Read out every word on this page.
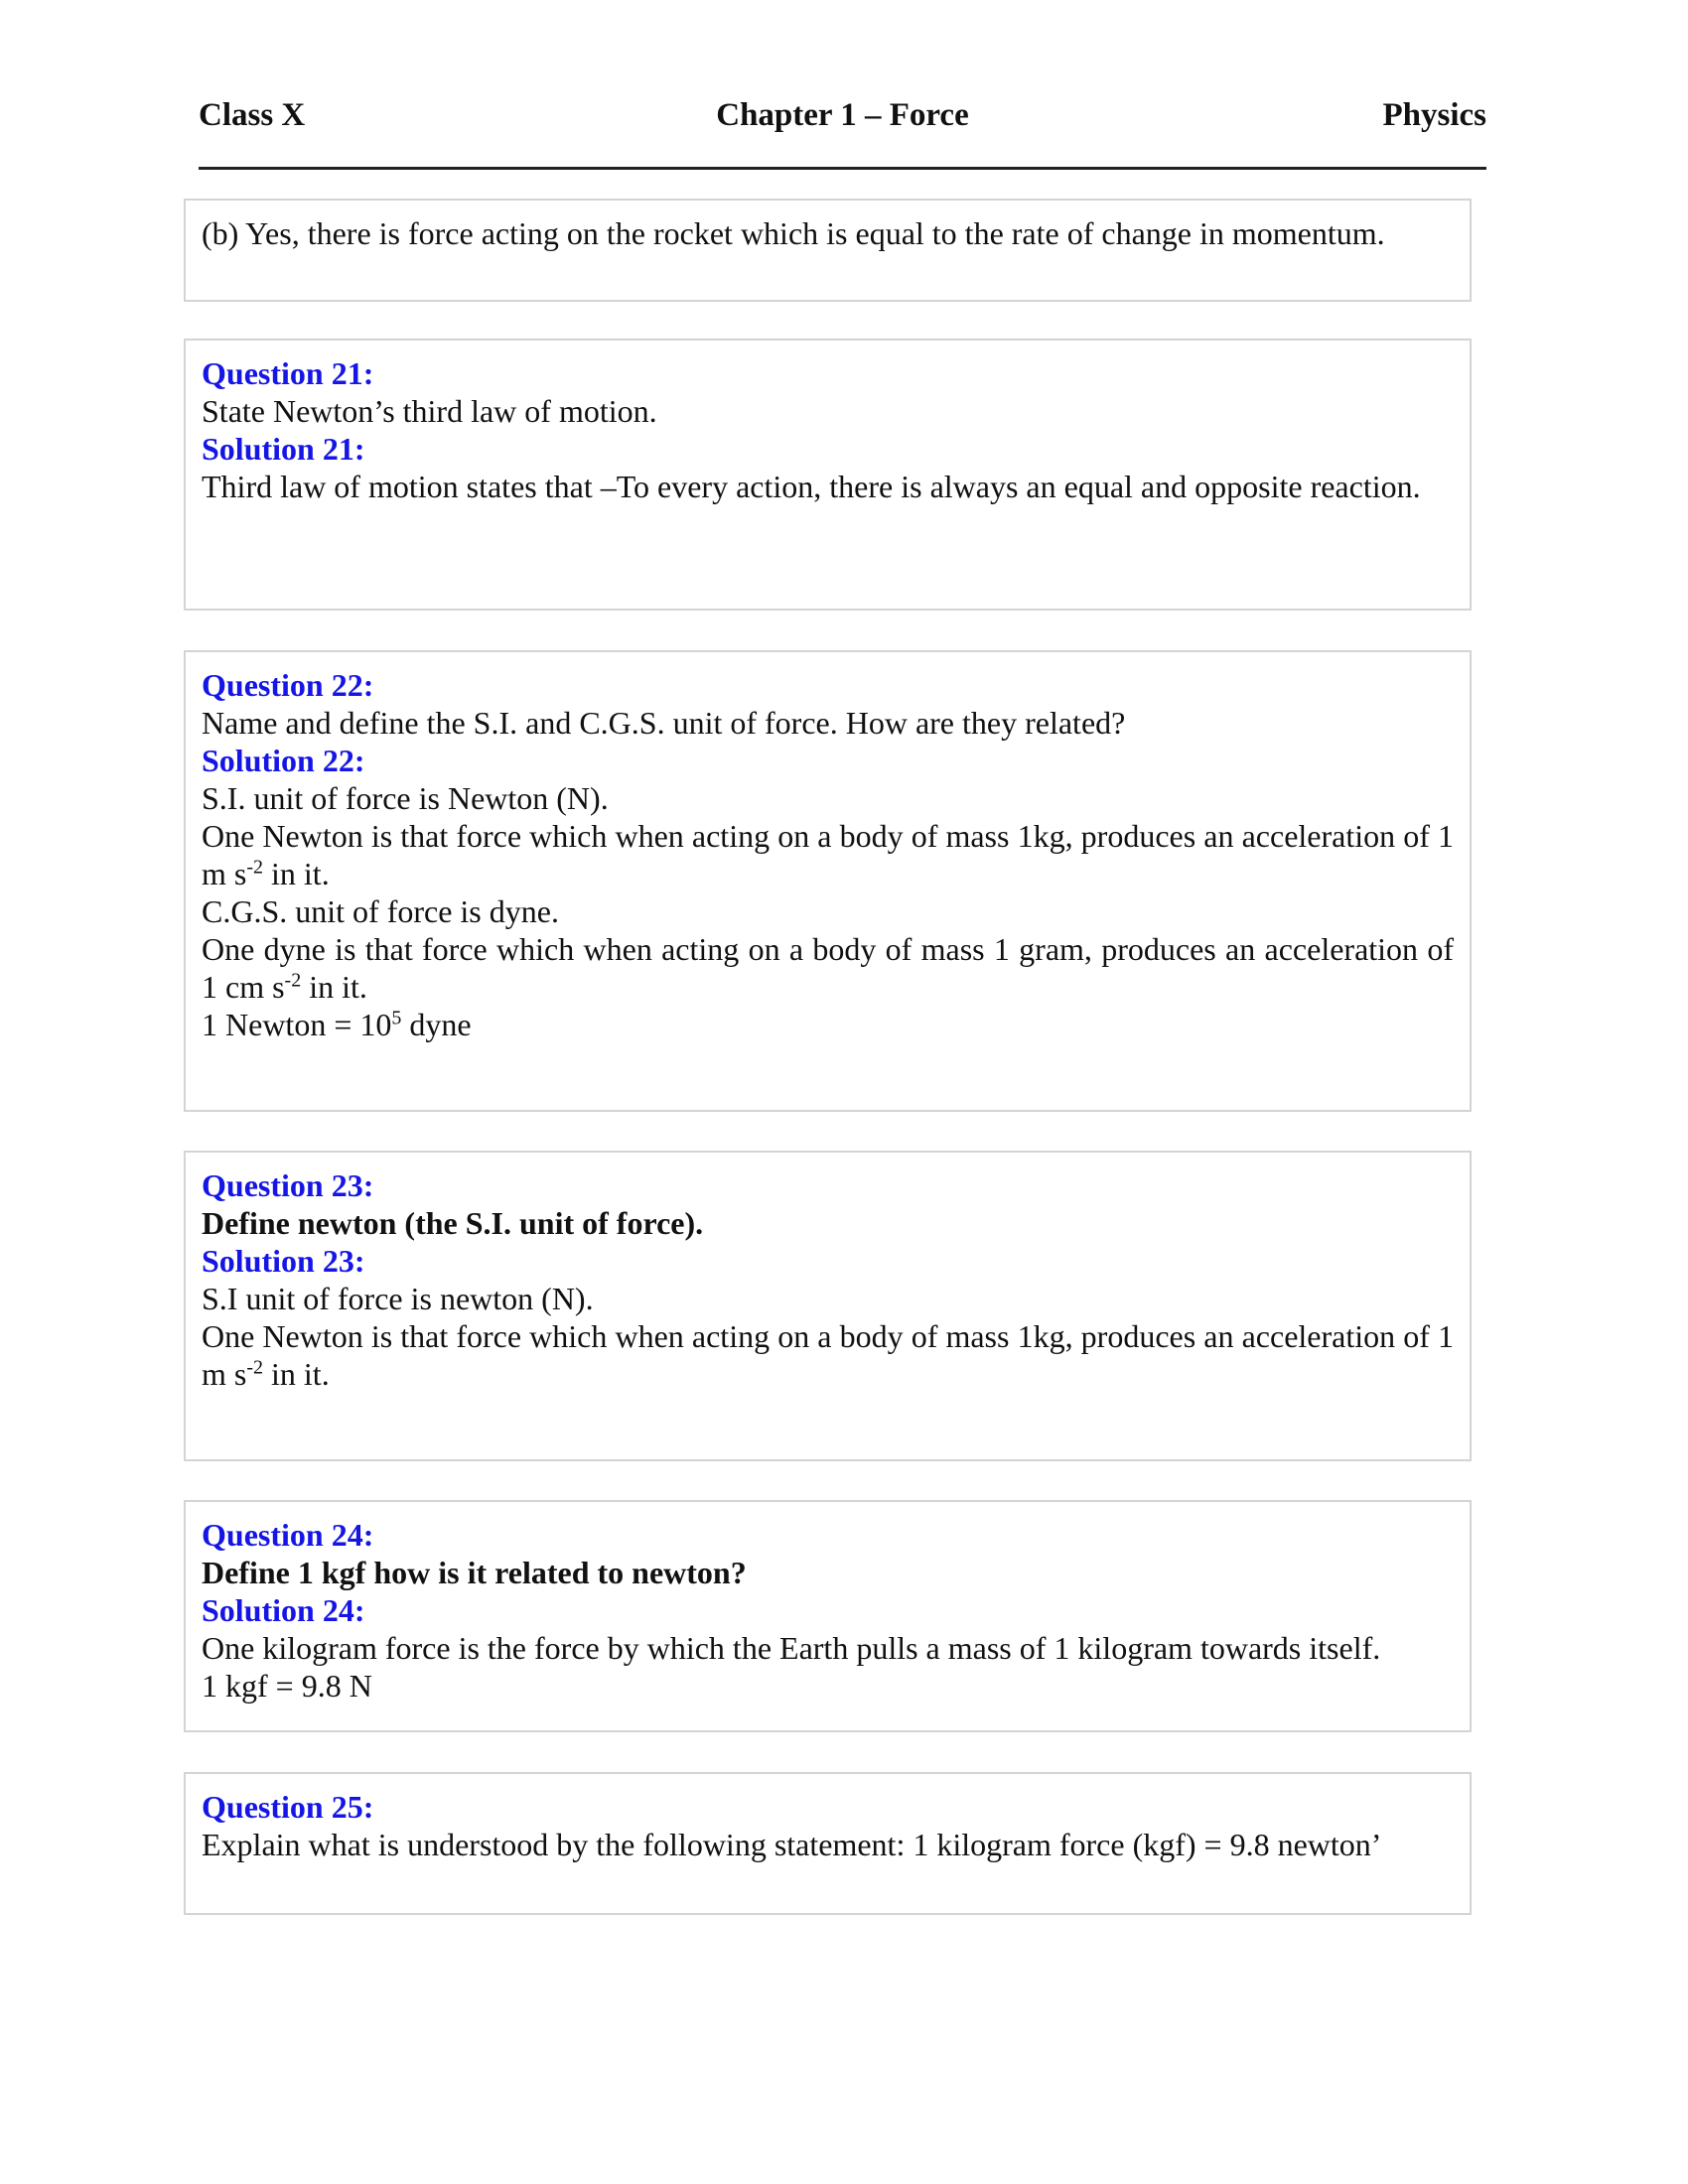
Class X	Chapter 1 – Force	Physics
(b) Yes, there is force acting on the rocket which is equal to the rate of change in momentum.
Question 21:
State Newton’s third law of motion.
Solution 21:
Third law of motion states that –To every action, there is always an equal and opposite reaction.
Question 22:
Name and define the S.I. and C.G.S. unit of force. How are they related?
Solution 22:
S.I. unit of force is Newton (N).
One Newton is that force which when acting on a body of mass 1kg, produces an acceleration of 1 m $s^{-2}$ in it.
C.G.S. unit of force is dyne.
One dyne is that force which when acting on a body of mass 1 gram, produces an acceleration of 1 cm $s^{-2}$ in it.
1 Newton = $10^5$ dyne
Question 23:
Define newton (the S.I. unit of force).
Solution 23:
S.I unit of force is newton (N).
One Newton is that force which when acting on a body of mass 1kg, produces an acceleration of 1 m $s^{-2}$ in it.
Question 24:
Define 1 kgf how is it related to newton?
Solution 24:
One kilogram force is the force by which the Earth pulls a mass of 1 kilogram towards itself.
1 kgf = 9.8 N
Question 25:
Explain what is understood by the following statement: 1 kilogram force (kgf) = 9.8 newton’
